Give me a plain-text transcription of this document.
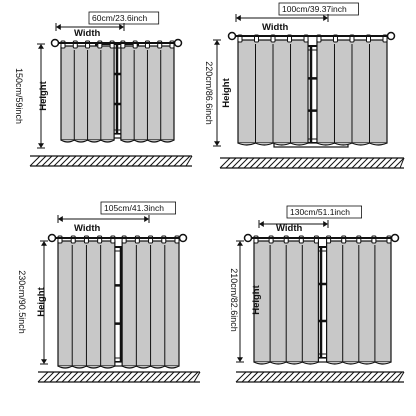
60cm/23.6inch
Width
150cm/59inch Height
100cm/39.37inch
Width
220cm/86.6inch Height
105cm/41.3inch
Width
230cm/90.5inch Height
130cm/51.1inch
Width
210cm/82.6inch Height
